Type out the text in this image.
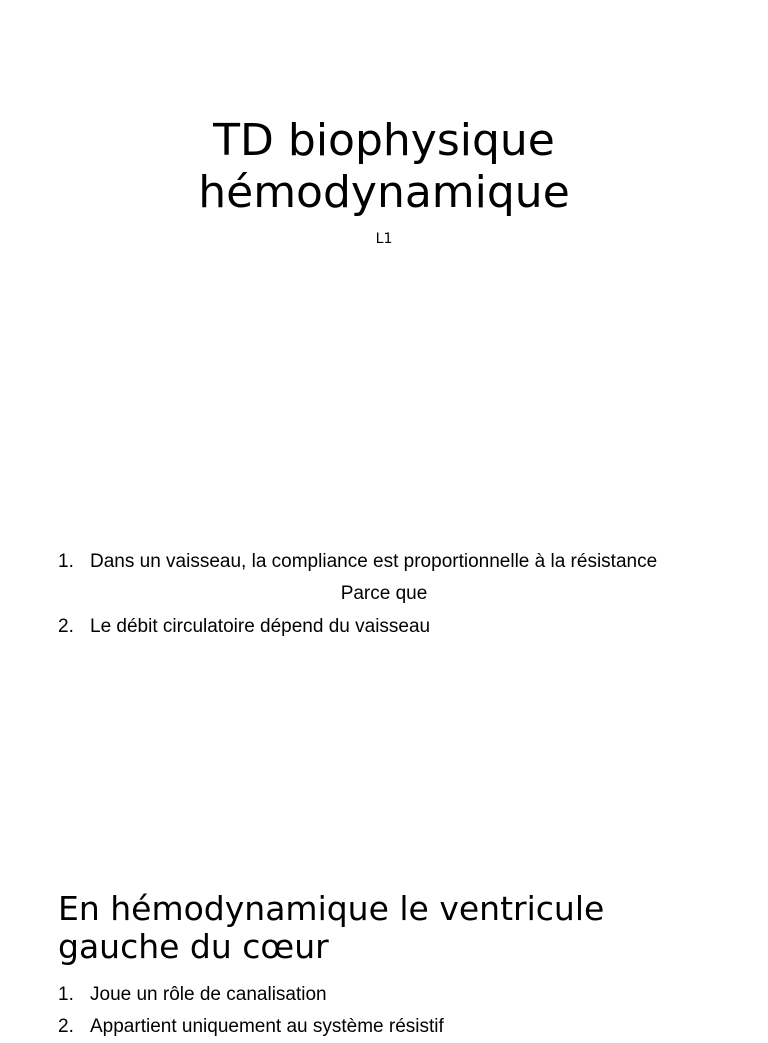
TD biophysique
hémodynamique

L1

1. Dans un vaisseau, la compliance est proportionnelle à la résistance

Parce que

2. Le débit circulatoire dépend du vaisseau
En hémodynamique le ventricule
gauche du cœur
1. Joue un rôle de canalisation
2. Appartient uniquement au système résistif
